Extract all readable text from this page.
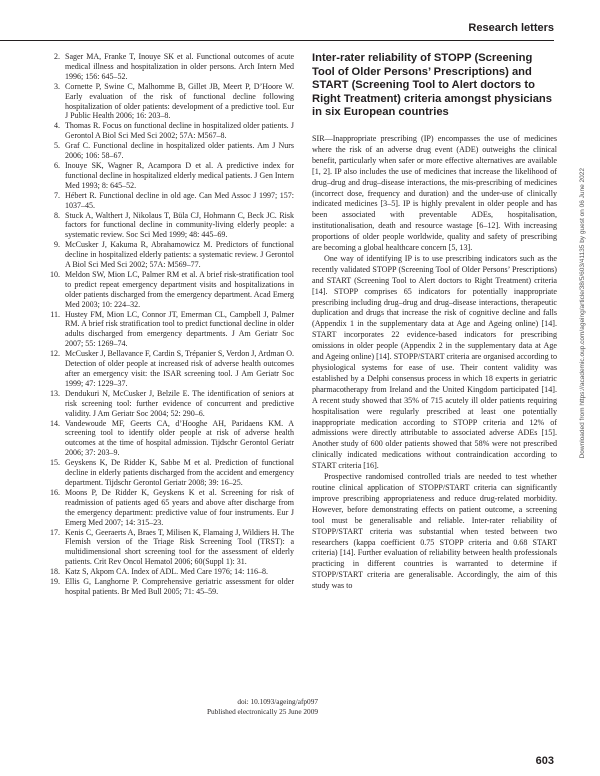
Research letters
2. Sager MA, Franke T, Inouye SK et al. Functional outcomes of acute medical illness and hospitalization in older persons. Arch Intern Med 1996; 156: 645–52.
3. Cornette P, Swine C, Malhomme B, Gillet JB, Meert P, D’Hoore W. Early evaluation of the risk of functional decline following hospitalization of older patients: development of a predictive tool. Eur J Public Health 2006; 16: 203–8.
4. Thomas R. Focus on functional decline in hospitalized older patients. J Gerontol A Biol Sci Med Sci 2002; 57A: M567–8.
5. Graf C. Functional decline in hospitalized older patients. Am J Nurs 2006; 106: 58–67.
6. Inouye SK, Wagner R, Acampora D et al. A predictive index for functional decline in hospitalized elderly medical patients. J Gen Intern Med 1993; 8: 645–52.
7. Hébert R. Functional decline in old age. Can Med Assoc J 1997; 157: 1037–45.
8. Stuck A, Walthert J, Nikolaus T, Büla CJ, Hohmann C, Beck JC. Risk factors for functional decline in community-living elderly people: a systematic review. Soc Sci Med 1999; 48: 445–69.
9. McCusker J, Kakuma R, Abrahamowicz M. Predictors of functional decline in hospitalized elderly patients: a systematic review. J Gerontol A Biol Sci Med Sci 2002; 57A: M569–77.
10. Meldon SW, Mion LC, Palmer RM et al. A brief risk-stratification tool to predict repeat emergency department visits and hospitalizations in older patients discharged from the emergency department. Acad Emerg Med 2003; 10: 224–32.
11. Hustey FM, Mion LC, Connor JT, Emerman CL, Campbell J, Palmer RM. A brief risk stratification tool to predict functional decline in older adults discharged from emergency departments. J Am Geriatr Soc 2007; 55: 1269–74.
12. McCusker J, Bellavance F, Cardin S, Trépanier S, Verdon J, Ardman O. Detection of older people at increased risk of adverse health outcomes after an emergency visit: the ISAR screening tool. J Am Geriatr Soc 1999; 47: 1229–37.
13. Dendukuri N, McCusker J, Belzile E. The identification of seniors at risk screening tool: further evidence of concurrent and predictive validity. J Am Geriatr Soc 2004; 52: 290–6.
14. Vandewoude MF, Geerts CA, d’Hooghe AH, Paridaens KM. A screening tool to identify older people at risk of adverse health outcomes at the time of hospital admission. Tijdschr Gerontol Geriatr 2006; 37: 203–9.
15. Geyskens K, De Ridder K, Sabbe M et al. Prediction of functional decline in elderly patients discharged from the accident and emergency department. Tijdschr Gerontol Geriatr 2008; 39: 16–25.
16. Moons P, De Ridder K, Geyskens K et al. Screening for risk of readmission of patients aged 65 years and above after discharge from the emergency department: predictive value of four instruments. Eur J Emerg Med 2007; 14: 315–23.
17. Kenis C, Geeraerts A, Braes T, Milisen K, Flamaing J, Wildiers H. The Flemish version of the Triage Risk Screening Tool (TRST): a multidimensional short screening tool for the assessment of elderly patients. Crit Rev Oncol Hematol 2006; 60(Suppl 1): 31.
18. Katz S, Akpom CA. Index of ADL. Med Care 1976; 14: 116–8.
19. Ellis G, Langhorne P. Comprehensive geriatric assessment for older hospital patients. Br Med Bull 2005; 71: 45–59.
doi: 10.1093/ageing/afp097
Published electronically 25 June 2009
Inter-rater reliability of STOPP (Screening Tool of Older Persons’ Prescriptions) and START (Screening Tool to Alert doctors to Right Treatment) criteria amongst physicians in six European countries

SIR—Inappropriate prescribing (IP) encompasses the use of medicines where the risk of an adverse drug event (ADE) outweighs the clinical benefit, particularly when safer or more effective alternatives are available [1, 2]. IP also includes the use of medicines that increase the likelihood of drug–drug and drug–disease interactions, the mis-prescribing of medicines (incorrect dose, frequency and duration) and the under-use of clinically indicated medicines [3–5]. IP is highly prevalent in older people and has been associated with preventable ADEs, hospitalisation, institutionalisation, death and resource wastage [6–12]. With increasing proportions of older people worldwide, quality and safety of prescribing are becoming a global healthcare concern [5, 13].

One way of identifying IP is to use prescribing indicators such as the recently validated STOPP (Screening Tool of Older Persons’ Prescriptions) and START (Screening Tool to Alert doctors to Right Treatment) criteria [14]. STOPP comprises 65 indicators for potentially inappropriate prescribing including drug–drug and drug–disease interactions, therapeutic duplication and drugs that increase the risk of cognitive decline and falls (Appendix 1 in the supplementary data at Age and Ageing online) [14]. START incorporates 22 evidence-based indicators for prescribing omissions in older people (Appendix 2 in the supplementary data at Age and Ageing online) [14]. STOPP/START criteria are organised according to physiological systems for ease of use. Their content validity was established by a Delphi consensus process in which 18 experts in geriatric pharmacotherapy from Ireland and the United Kingdom participated [14]. A recent study showed that 35% of 715 acutely ill older patients requiring hospitalisation were regularly prescribed at least one potentially inappropriate medication according to STOPP criteria and 12% of admissions were directly attributable to associated adverse ADEs [15]. Another study of 600 older patients showed that 58% were not prescribed clinically indicated medications without contraindication according to START criteria [16].

Prospective randomised controlled trials are needed to test whether routine clinical application of STOPP/START criteria can significantly improve prescribing appropriateness and reduce drug-related morbidity. However, before demonstrating effects on patient outcome, a screening tool must be generalisable and reliable. Inter-rater reliability of STOPP/START criteria was substantial when tested between two researchers (kappa coefficient 0.75 STOPP criteria and 0.68 START criteria) [14]. Further evaluation of reliability between health professionals practicing in different countries is warranted to determine if STOPP/START criteria are generalisable. Accordingly, the aim of this study was to

Downloaded from https://academic.oup.com/ageing/article/38/5/603/41135 by guest on 06 June 2022
603
